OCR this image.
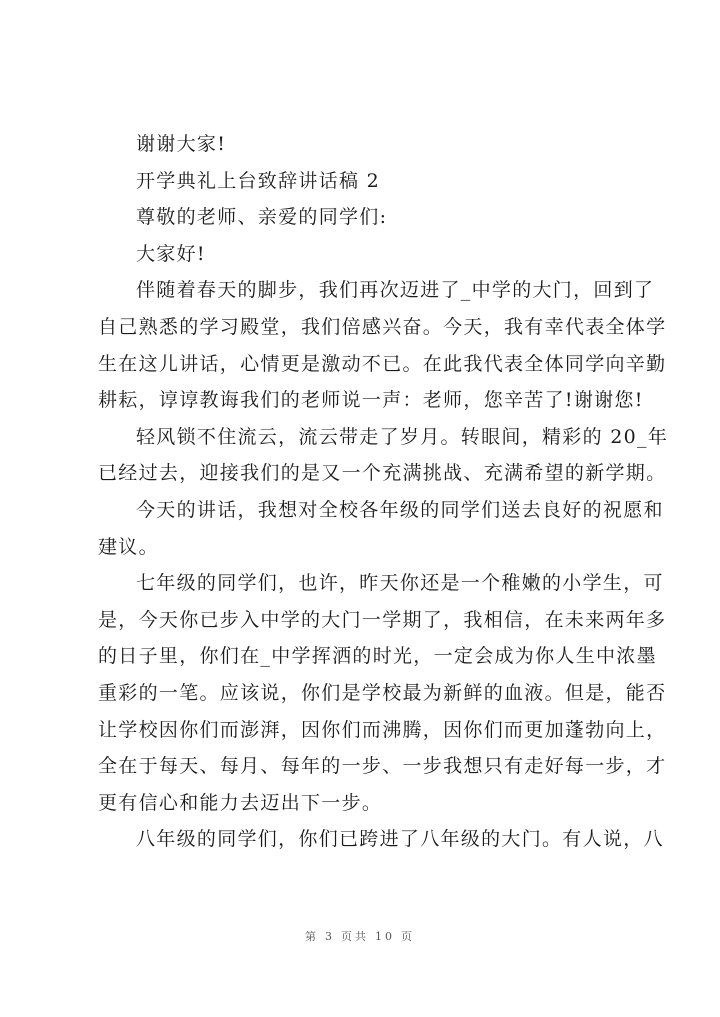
谢谢大家!
开学典礼上台致辞讲话稿 2
尊敬的老师、亲爱的同学们:
大家好!
伴随着春天的脚步，我们再次迈进了_中学的大门，回到了
自己熟悉的学习殿堂，我们倍感兴奋。今天，我有幸代表全体学
生在这儿讲话，心情更是激动不已。在此我代表全体同学向辛勤
耕耘，谆谆教诲我们的老师说一声：老师，您辛苦了!谢谢您!
轻风锁不住流云，流云带走了岁月。转眼间，精彩的 20_年
已经过去，迎接我们的是又一个充满挑战、充满希望的新学期。
今天的讲话，我想对全校各年级的同学们送去良好的祝愿和
建议。
七年级的同学们，也许，昨天你还是一个稚嫩的小学生，可
是，今天你已步入中学的大门一学期了，我相信，在未来两年多
的日子里，你们在_中学挥洒的时光，一定会成为你人生中浓墨
重彩的一笔。应该说，你们是学校最为新鲜的血液。但是，能否
让学校因你们而澎湃，因你们而沸腾，因你们而更加蓬勃向上，
全在于每天、每月、每年的一步、一步我想只有走好每一步，才
更有信心和能力去迈出下一步。
八年级的同学们，你们已跨进了八年级的大门。有人说，八
第 3 页共 10 页
